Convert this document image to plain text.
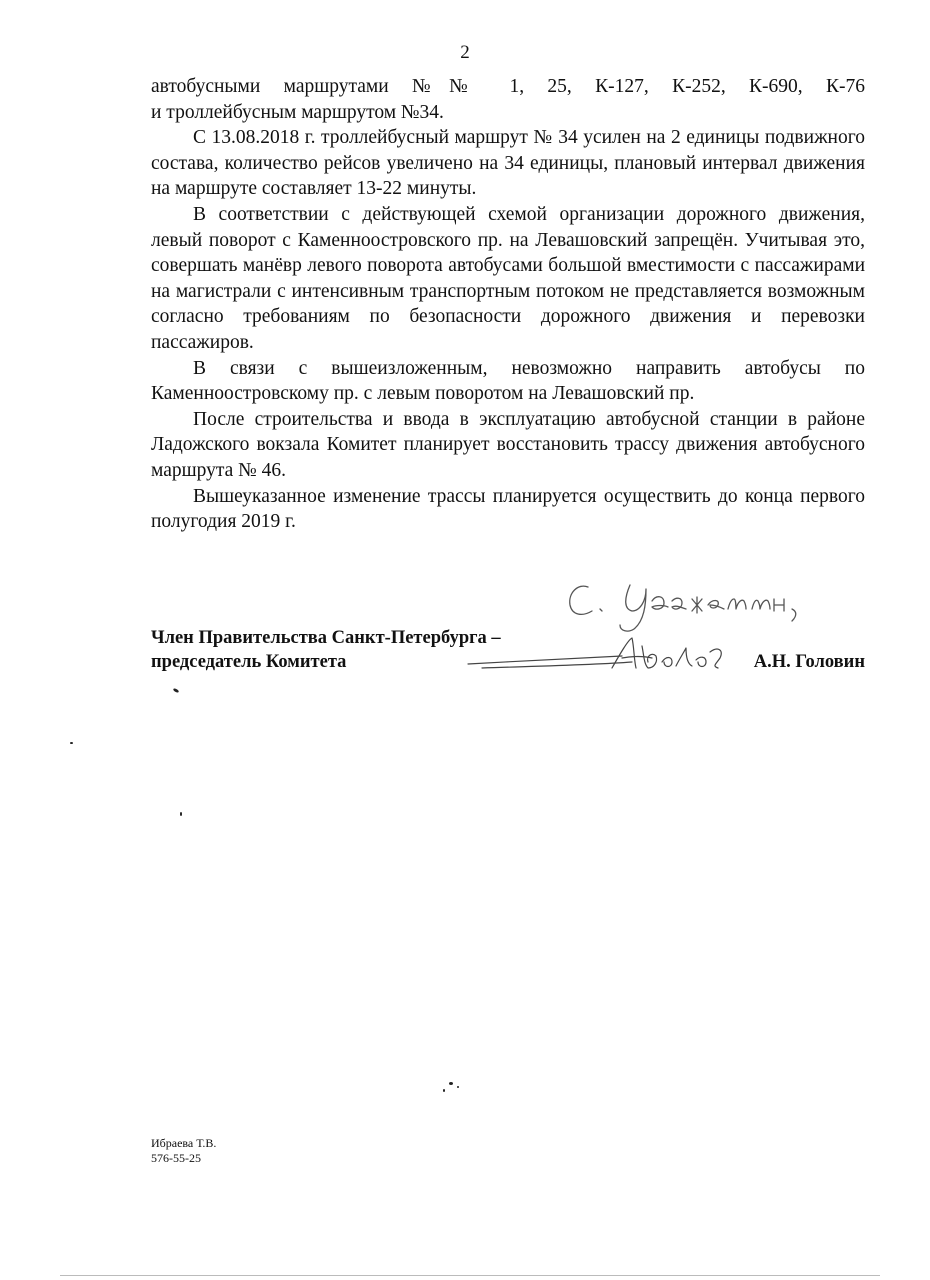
2

автобусными маршрутами №№ 1, 25, К-127, К-252, К-690, К-76

и троллейбусным маршрутом №34.

С 13.08.2018 г. троллейбусный маршрут № 34 усилен на 2 единицы подвижного состава, количество рейсов увеличено на 34 единицы, плановый интервал движения на маршруте составляет 13-22 минуты.

В соответствии с действующей схемой организации дорожного движения, левый поворот с Каменноостровского пр. на Левашовский запрещён. Учитывая это, совершать манёвр левого поворота автобусами большой вместимости с пассажирами на магистрали с интенсивным транспортным потоком не представляется возможным согласно требованиям по безопасности дорожного движения и перевозки пассажиров.

В связи с вышеизложенным, невозможно направить автобусы по Каменноостровскому пр. с левым поворотом на Левашовский пр.

После строительства и ввода в эксплуатацию автобусной станции в районе Ладожского вокзала Комитет планирует восстановить трассу движения автобусного маршрута № 46.

Вышеуказанное изменение трассы планируется осуществить до конца первого полугодия 2019 г.

Член Правительства Санкт-Петербурга –
председатель Комитета	А.Н. Головин
Ибраева Т.В.
576-55-25
